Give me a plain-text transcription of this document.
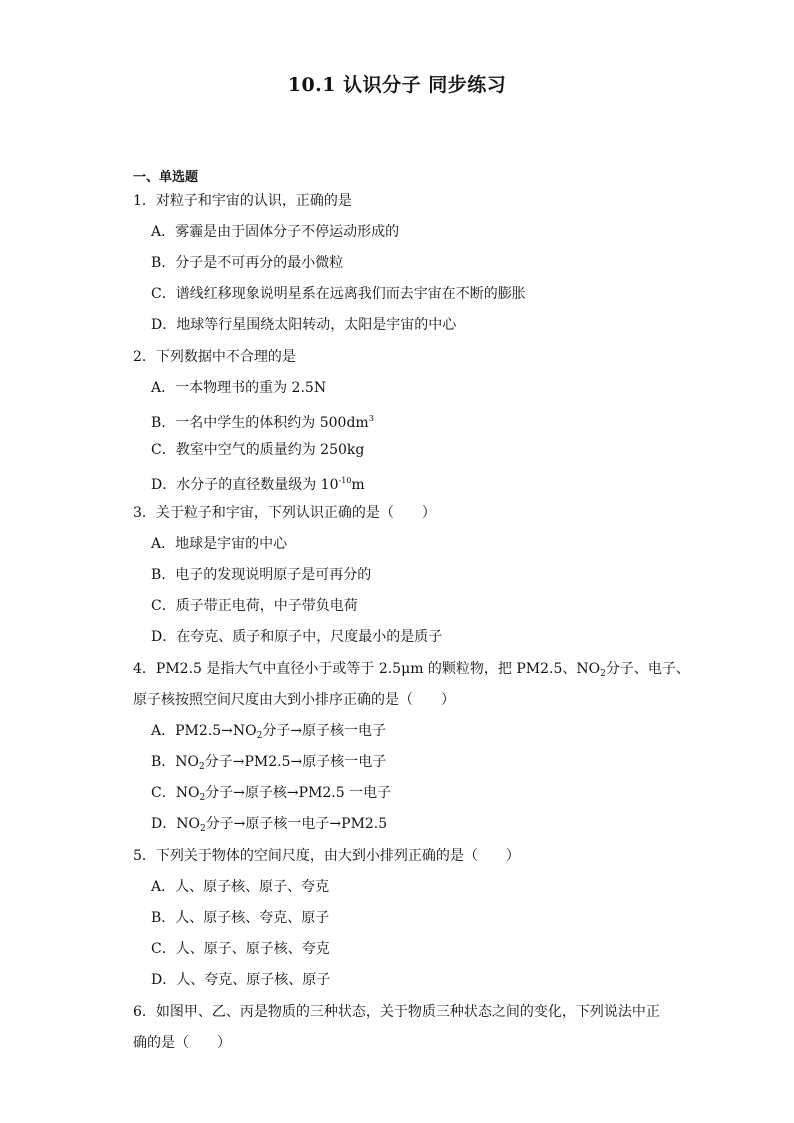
10.1 认识分子 同步练习
一、单选题
1．对粒子和宇宙的认识，正确的是
A．雾霾是由于固体分子不停运动形成的
B．分子是不可再分的最小微粒
C．谱线红移现象说明星系在远离我们而去宇宙在不断的膨胀
D．地球等行星围绕太阳转动，太阳是宇宙的中心
2．下列数据中不合理的是
A．一本物理书的重为 2.5N
B．一名中学生的体积约为 $500dm^3$
C．教室中空气的质量约为 250kg
D．水分子的直径数量级为 $10^{-10}m$
3．关于粒子和宇宙，下列认识正确的是（　　）
A．地球是宇宙的中心
B．电子的发现说明原子是可再分的
C．质子带正电荷，中子带负电荷
D．在夸克、质子和原子中，尺度最小的是质子
4．PM2.5 是指大气中直径小于或等于 2.5μm 的颗粒物，把 PM2.5、$NO_2$分子、电子、
原子核按照空间尺度由大到小排序正确的是（　　）
A．$PM2.5\to NO_2$分子→原子核一电子
B．$NO_2$分子→PM2.5→原子核一电子
C．$NO_2$分子→原子核→PM2.5 一电子
D．$NO_2$分子→原子核一电子→PM2.5
5．下列关于物体的空间尺度，由大到小排列正确的是（　　）
A．人、原子核、原子、夸克
B．人、原子核、夸克、原子
C．人、原子、原子核、夸克
D．人、夸克、原子核、原子
6．如图甲、乙、丙是物质的三种状态，关于物质三种状态之间的变化，下列说法中正
确的是（　　）
